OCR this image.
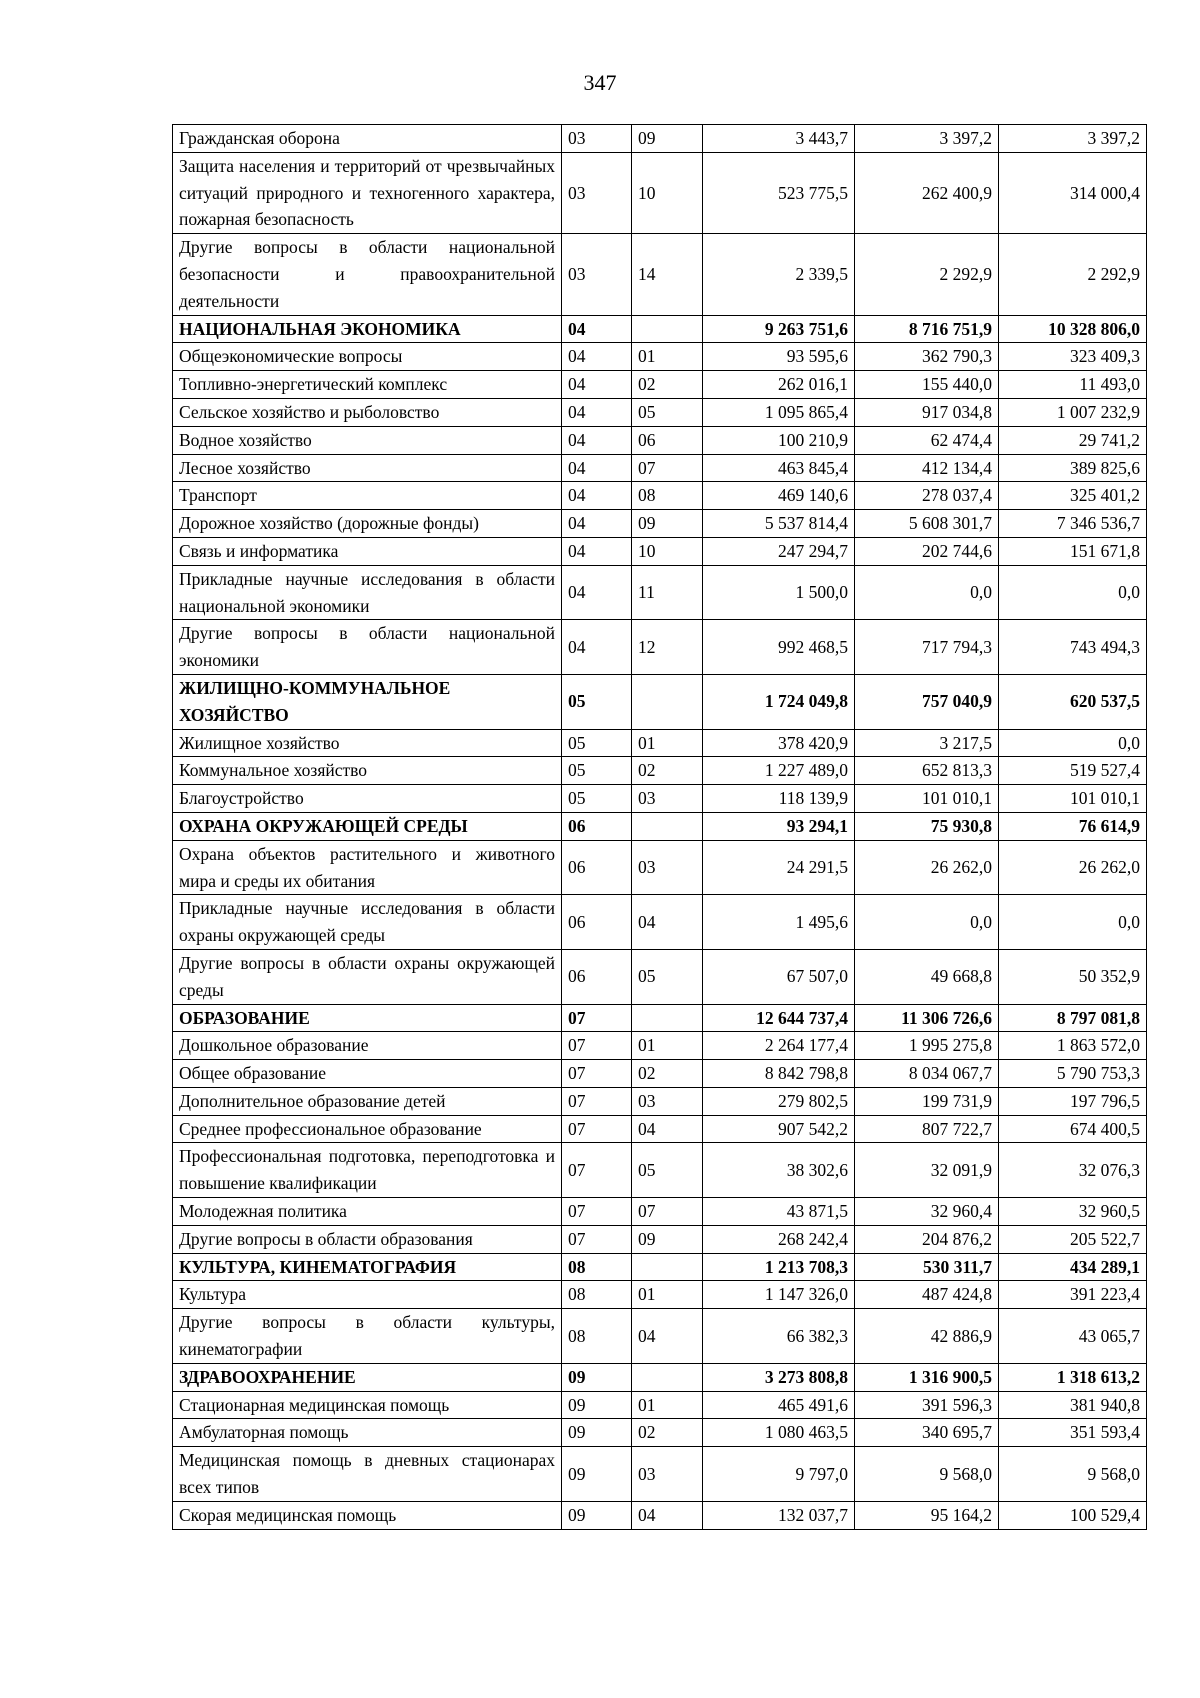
347
Гражданская оборона	03	09	3 443,7	3 397,2	3 397,2
Защита населения и территорий от чрезвычайных ситуаций природного и техногенного характера, пожарная безопасность	03	10	523 775,5	262 400,9	314 000,4
Другие вопросы в области национальной безопасности и правоохранительной деятельности	03	14	2 339,5	2 292,9	2 292,9
НАЦИОНАЛЬНАЯ ЭКОНОМИКА	04		9 263 751,6	8 716 751,9	10 328 806,0
Общеэкономические вопросы	04	01	93 595,6	362 790,3	323 409,3
Топливно-энергетический комплекс	04	02	262 016,1	155 440,0	11 493,0
Сельское хозяйство и рыболовство	04	05	1 095 865,4	917 034,8	1 007 232,9
Водное хозяйство	04	06	100 210,9	62 474,4	29 741,2
Лесное хозяйство	04	07	463 845,4	412 134,4	389 825,6
Транспорт	04	08	469 140,6	278 037,4	325 401,2
Дорожное хозяйство (дорожные фонды)	04	09	5 537 814,4	5 608 301,7	7 346 536,7
Связь и информатика	04	10	247 294,7	202 744,6	151 671,8
Прикладные научные исследования в области национальной экономики	04	11	1 500,0	0,0	0,0
Другие вопросы в области национальной экономики	04	12	992 468,5	717 794,3	743 494,3
ЖИЛИЩНО-КОММУНАЛЬНОЕ ХОЗЯЙСТВО	05		1 724 049,8	757 040,9	620 537,5
Жилищное хозяйство	05	01	378 420,9	3 217,5	0,0
Коммунальное хозяйство	05	02	1 227 489,0	652 813,3	519 527,4
Благоустройство	05	03	118 139,9	101 010,1	101 010,1
ОХРАНА ОКРУЖАЮЩЕЙ СРЕДЫ	06		93 294,1	75 930,8	76 614,9
Охрана объектов растительного и животного мира и среды их обитания	06	03	24 291,5	26 262,0	26 262,0
Прикладные научные исследования в области охраны окружающей среды	06	04	1 495,6	0,0	0,0
Другие вопросы в области охраны окружающей среды	06	05	67 507,0	49 668,8	50 352,9
ОБРАЗОВАНИЕ	07		12 644 737,4	11 306 726,6	8 797 081,8
Дошкольное образование	07	01	2 264 177,4	1 995 275,8	1 863 572,0
Общее образование	07	02	8 842 798,8	8 034 067,7	5 790 753,3
Дополнительное образование детей	07	03	279 802,5	199 731,9	197 796,5
Среднее профессиональное образование	07	04	907 542,2	807 722,7	674 400,5
Профессиональная подготовка, переподготовка и повышение квалификации	07	05	38 302,6	32 091,9	32 076,3
Молодежная политика	07	07	43 871,5	32 960,4	32 960,5
Другие вопросы в области образования	07	09	268 242,4	204 876,2	205 522,7
КУЛЬТУРА, КИНЕМАТОГРАФИЯ	08		1 213 708,3	530 311,7	434 289,1
Культура	08	01	1 147 326,0	487 424,8	391 223,4
Другие вопросы в области культуры, кинематографии	08	04	66 382,3	42 886,9	43 065,7
ЗДРАВООХРАНЕНИЕ	09		3 273 808,8	1 316 900,5	1 318 613,2
Стационарная медицинская помощь	09	01	465 491,6	391 596,3	381 940,8
Амбулаторная помощь	09	02	1 080 463,5	340 695,7	351 593,4
Медицинская помощь в дневных стационарах всех типов	09	03	9 797,0	9 568,0	9 568,0
Скорая медицинская помощь	09	04	132 037,7	95 164,2	100 529,4
